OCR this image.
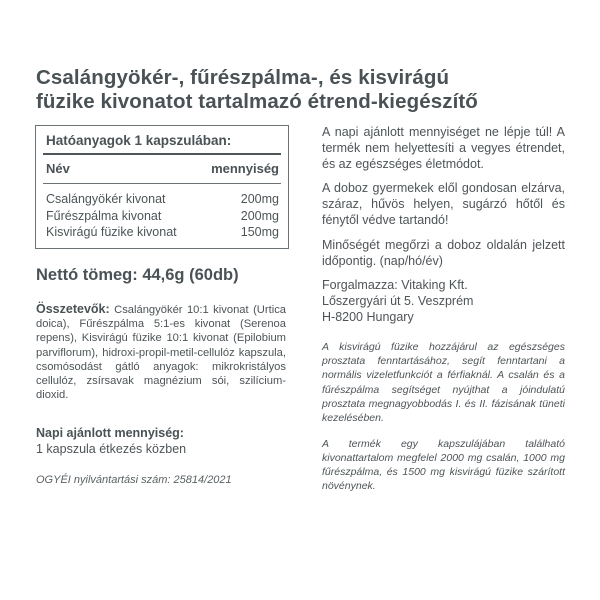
Csalángyökér-, fűrészpálma-, és kisvirágú
füzike kivonatot tartalmazó étrend-kiegészítő
Hatóanyagok 1 kapszulában:
Név	mennyiség
Csalángyökér kivonat	200mg
Fűrészpálma kivonat	200mg
Kisvirágú füzike kivonat	150mg
Nettó tömeg: 44,6g (60db)
Összetevők: Csalángyökér 10:1 kivonat (Urtica doica), Fűrészpálma 5:1-es kivonat (Serenoa repens), Kisvirágú füzike 10:1 kivonat (Epilobium parviflorum), hidroxi-propil-metil-cellulóz kapszula, csomósodást gátló anyagok: mikrokristályos cellulóz, zsírsavak magnézium sói, szilícium-dioxid.
Napi ajánlott mennyiség:
1 kapszula étkezés közben
OGYÉI nyilvántartási szám: 25814/2021

A napi ajánlott mennyiséget ne lépje túl! A termék nem helyettesíti a vegyes étrendet, és az egészséges életmódot.

A doboz gyermekek elől gondosan elzárva, száraz, hűvös helyen, sugárzó hőtől és fénytől védve tartandó!

Minőségét megőrzi a doboz oldalán jelzett időpontig. (nap/hó/év)

Forgalmazza: Vitaking Kft.
Lőszergyári út 5. Veszprém
H-8200 Hungary

A kisvirágú füzike hozzájárul az egészséges prosztata fenntartásához, segít fenntartani a normális vizeletfunkciót a férfiaknál. A csalán és a fűrészpálma segítséget nyújthat a jóindulatú prosztata megnagyobbodás I. és II. fázisának tüneti kezelésében.

A termék egy kapszulájában található kivonattartalom megfelel 2000 mg csalán, 1000 mg fűrészpálma, és 1500 mg kisvirágú füzike szárított növénynek.
